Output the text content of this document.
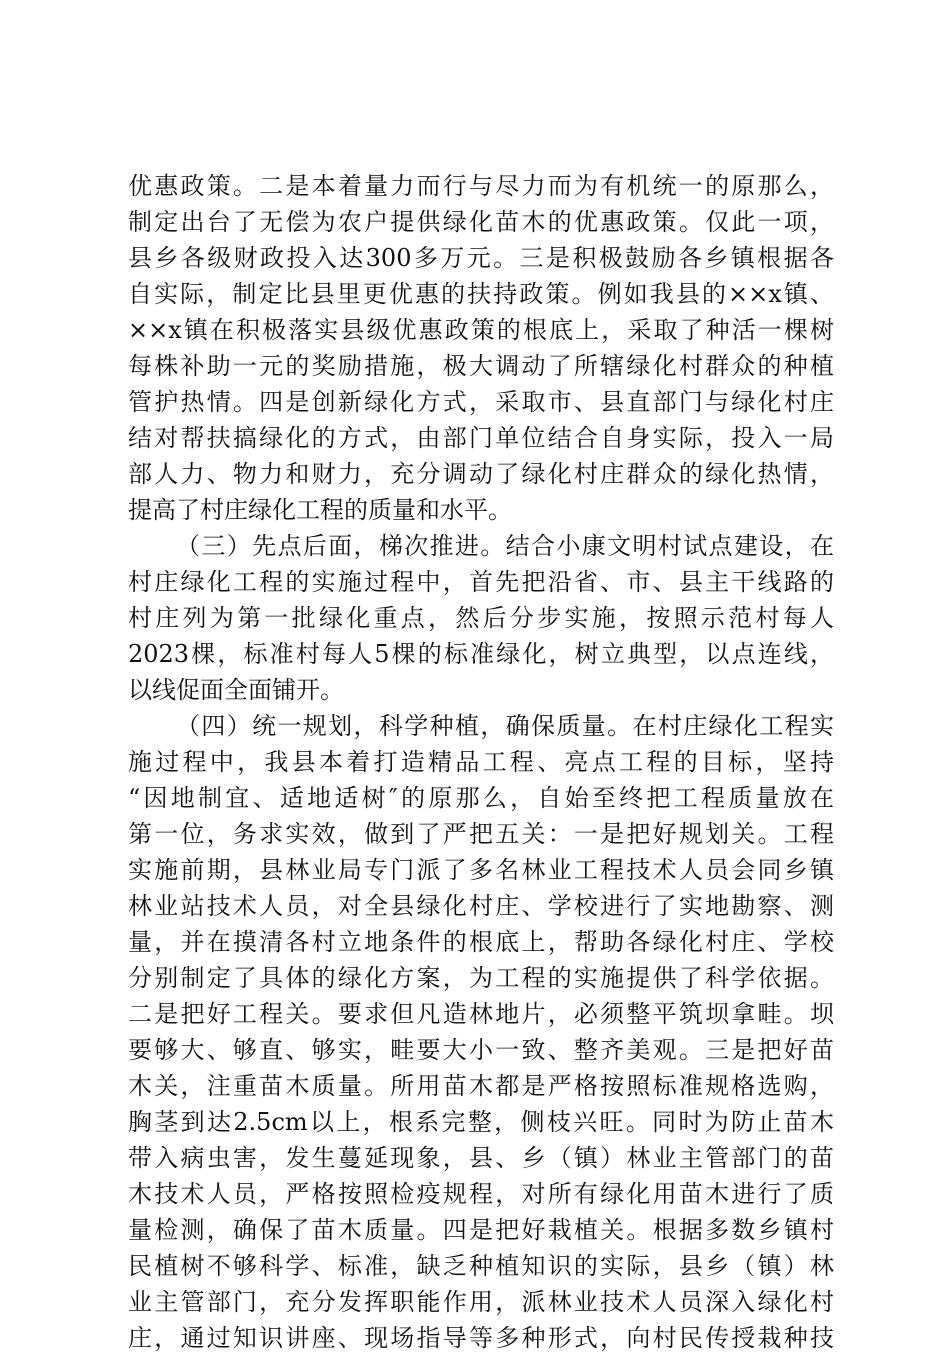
优惠政策。二是本着量力而行与尽力而为有机统一的原那么，
制定出台了无偿为农户提供绿化苗木的优惠政策。仅此一项，
县乡各级财政投入达300多万元。三是积极鼓励各乡镇根据各
自实际，制定比县里更优惠的扶持政策。例如我县的××x镇、
××x镇在积极落实县级优惠政策的根底上，采取了种活一棵树
每株补助一元的奖励措施，极大调动了所辖绿化村群众的种植
管护热情。四是创新绿化方式，采取市、县直部门与绿化村庄
结对帮扶搞绿化的方式，由部门单位结合自身实际，投入一局
部人力、物力和财力，充分调动了绿化村庄群众的绿化热情，
提高了村庄绿化工程的质量和水平。
（三）先点后面，梯次推进。结合小康文明村试点建设，在
村庄绿化工程的实施过程中，首先把沿省、市、县主干线路的
村庄列为第一批绿化重点，然后分步实施，按照示范村每人
2023棵，标准村每人5棵的标准绿化，树立典型，以点连线，
以线促面全面铺开。
（四）统一规划，科学种植，确保质量。在村庄绿化工程实
施过程中，我县本着打造精品工程、亮点工程的目标，坚持
“因地制宜、适地适树″的原那么，自始至终把工程质量放在
第一位，务求实效，做到了严把五关：一是把好规划关。工程
实施前期，县林业局专门派了多名林业工程技术人员会同乡镇
林业站技术人员，对全县绿化村庄、学校进行了实地勘察、测
量，并在摸清各村立地条件的根底上，帮助各绿化村庄、学校
分别制定了具体的绿化方案，为工程的实施提供了科学依据。
二是把好工程关。要求但凡造林地片，必须整平筑坝拿畦。坝
要够大、够直、够实，畦要大小一致、整齐美观。三是把好苗
木关，注重苗木质量。所用苗木都是严格按照标准规格选购，
胸茎到达2.5cm以上，根系完整，侧枝兴旺。同时为防止苗木
带入病虫害，发生蔓延现象，县、乡（镇）林业主管部门的苗
木技术人员，严格按照检疫规程，对所有绿化用苗木进行了质
量检测，确保了苗木质量。四是把好栽植关。根据多数乡镇村
民植树不够科学、标准，缺乏种植知识的实际，县乡（镇）林
业主管部门，充分发挥职能作用，派林业技术人员深入绿化村
庄，通过知识讲座、现场指导等多种形式，向村民传授栽种技
